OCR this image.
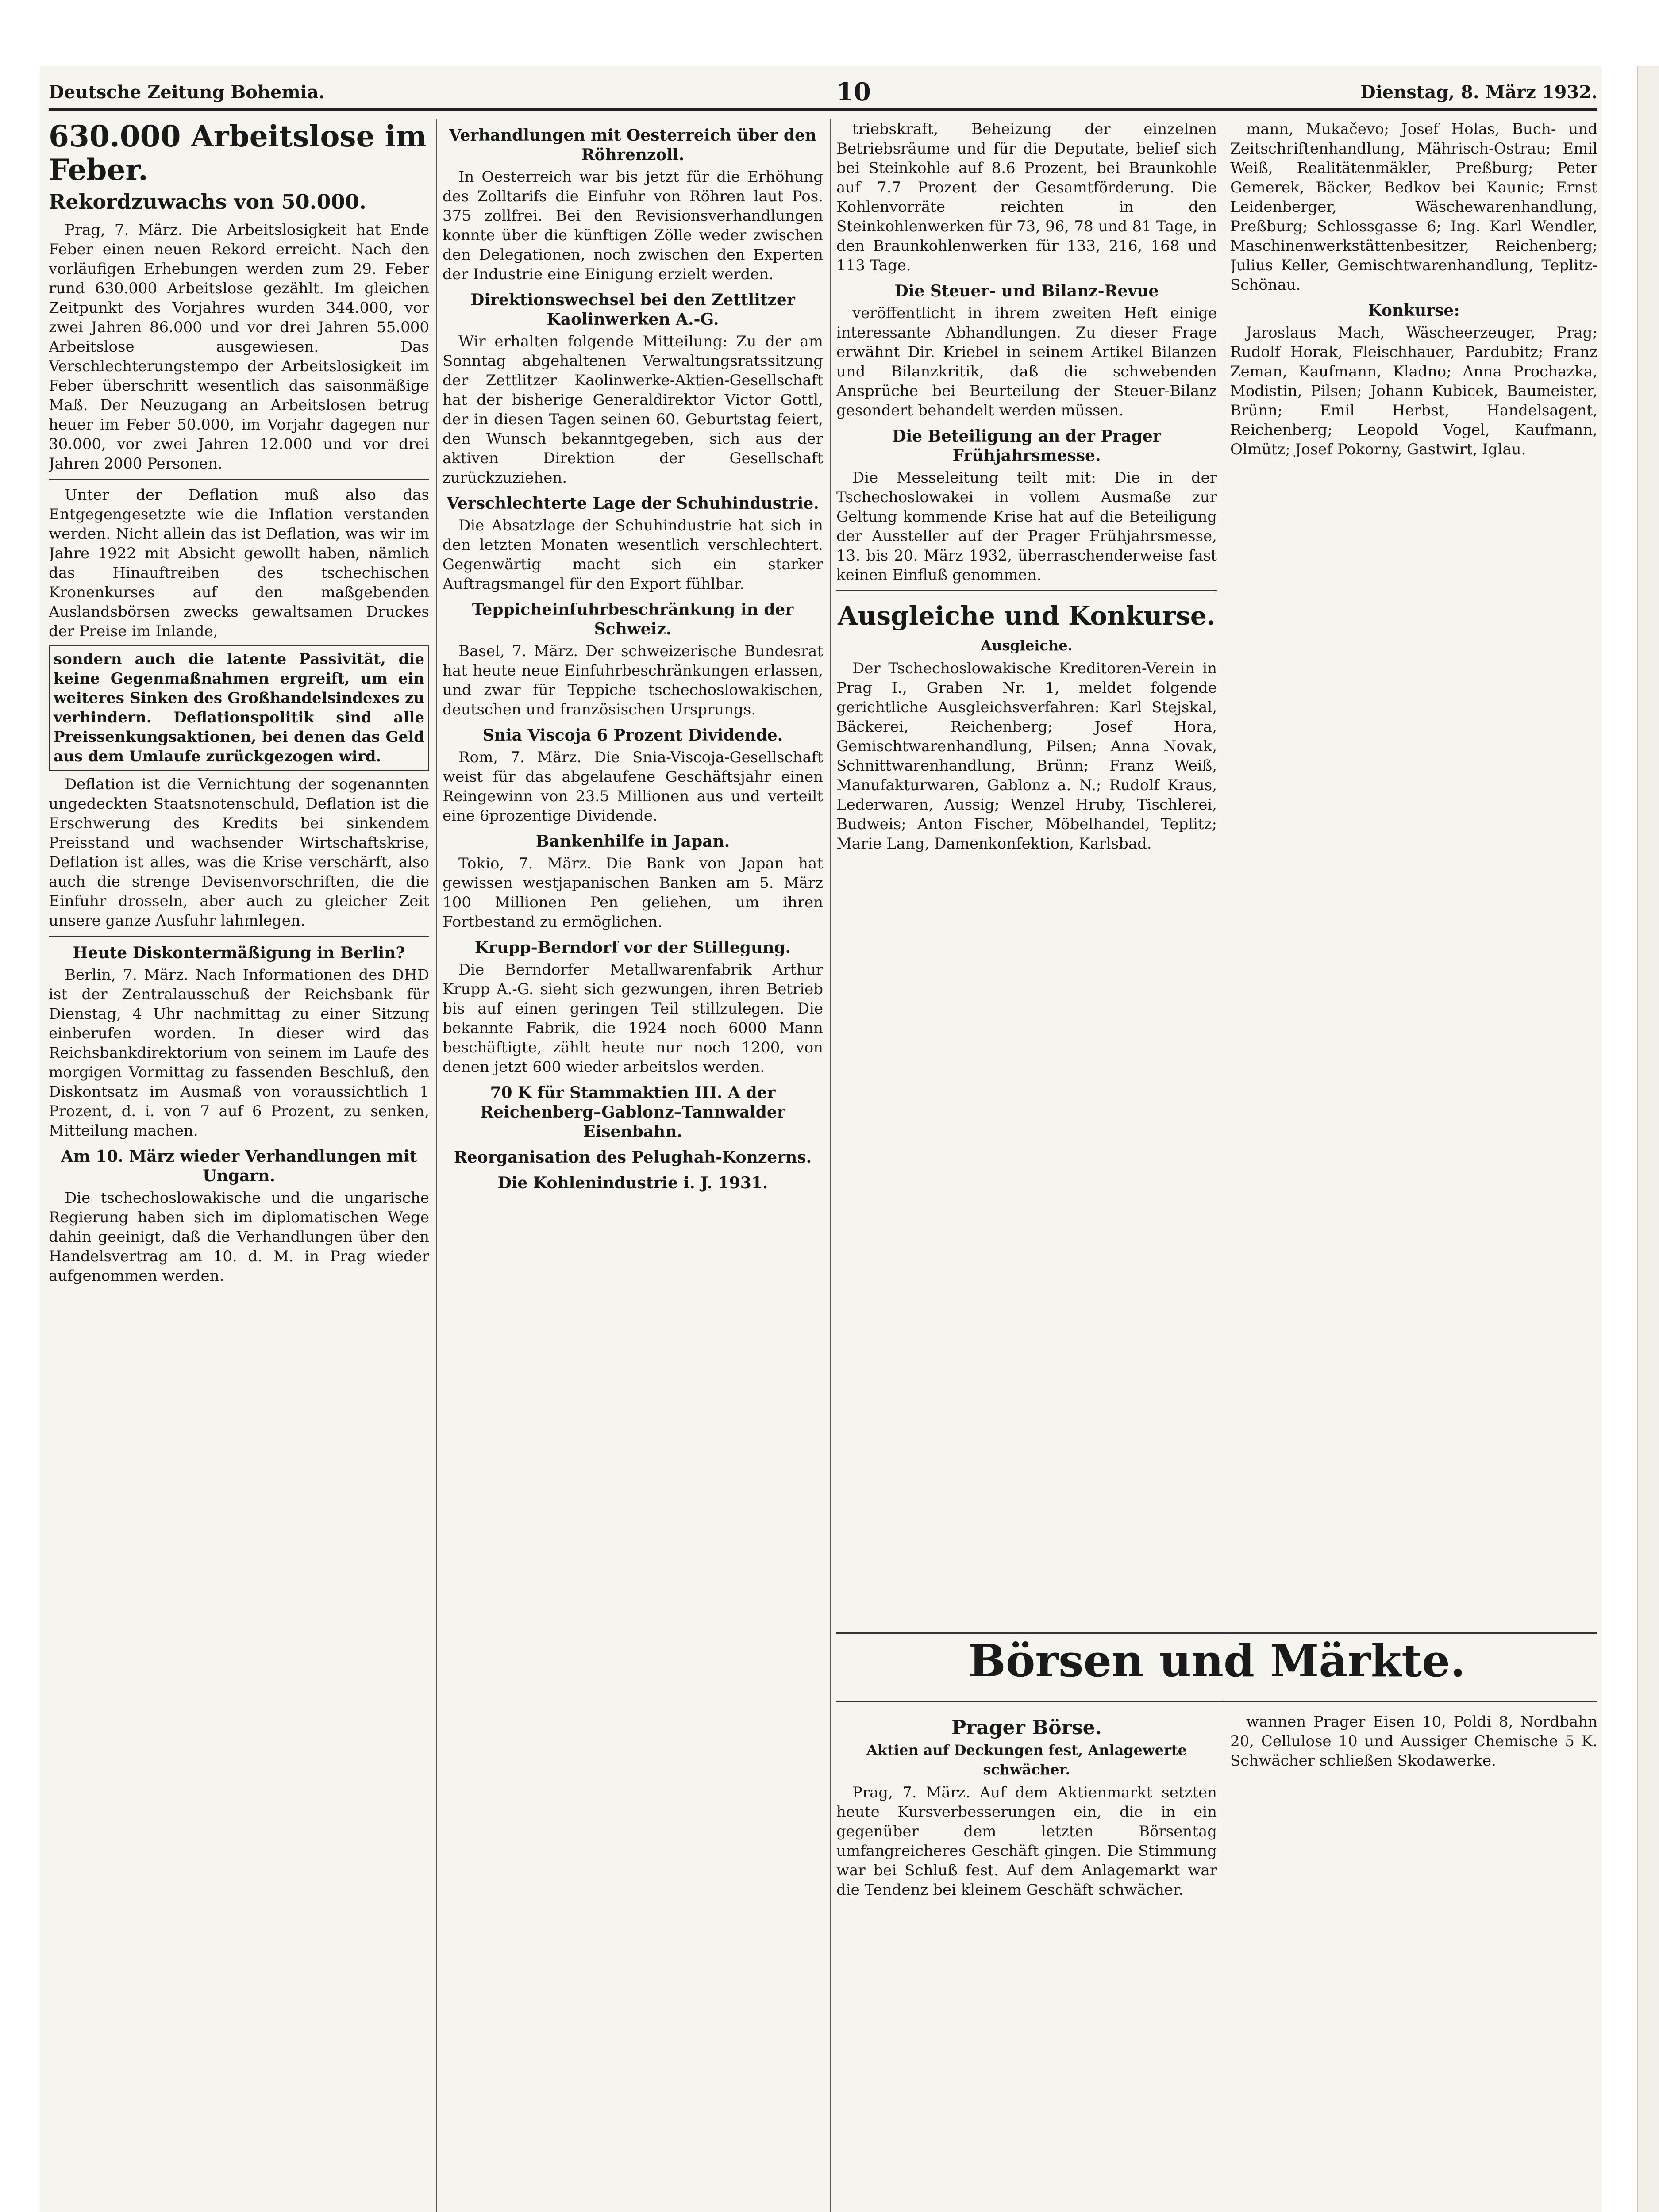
Deutsche Zeitung Bohemia.	10	Dienstag, 8. März 1932.
630.000 Arbeitslose im Feber.
Rekordzuwachs von 50.000.

Prag, 7. März. Die Arbeitslosigkeit hat Ende Feber einen neuen Rekord erreicht. Nach den vorläufigen Erhebungen werden zum 29. Feber rund 630.000 Arbeitslose gezählt. Im gleichen Zeitpunkt des Vorjahres wurden 344.000, vor zwei Jahren 86.000 und vor drei Jahren 55.000 Arbeitslose ausgewiesen. Das Verschlechterungstempo der Arbeitslosigkeit im Feber überschritt wesentlich das saisonmäßige Maß. Der Neuzugang an Arbeitslosen betrug heuer im Feber 50.000, im Vorjahr dagegen nur 30.000, vor zwei Jahren 12.000 und vor drei Jahren 2000 Personen.

Unter der Deflation muß also das Entgegengesetzte wie die Inflation verstanden werden. Nicht allein das ist Deflation, was wir im Jahre 1922 mit Absicht gewollt haben, nämlich das Hinauftreiben des tschechischen Kronenkurses auf den maßgebenden Auslandsbörsen zwecks gewaltsamen Druckes der Preise im Inlande,

sondern auch die latente Passivität, die keine Gegenmaßnahmen ergreift, um ein weiteres Sinken des Großhandelsindexes zu verhindern. Deflationspolitik sind alle Preissenkungsaktionen, bei denen das Geld aus dem Umlaufe zurückgezogen wird.

Deflation ist die Vernichtung der sogenannten ungedeckten Staatsnotenschuld, Deflation ist die Erschwerung des Kredits bei sinkendem Preisstand und wachsender Wirtschaftskrise, Deflation ist alles, was die Krise verschärft, also auch die strenge Devisenvorschriften, die die Einfuhr drosseln, aber auch zu gleicher Zeit unsere ganze Ausfuhr lahmlegen.

Heute Diskontermäßigung in Berlin?

Berlin, 7. März. Nach Informationen des DHD ist der Zentralausschuß der Reichsbank für Dienstag, 4 Uhr nachmittag zu einer Sitzung einberufen worden. In dieser wird das Reichsbankdirektorium von seinem im Laufe des morgigen Vormittag zu fassenden Beschluß, den Diskontsatz im Ausmaß von voraussichtlich 1 Prozent, d. i. von 7 auf 6 Prozent, zu senken, Mitteilung machen.

Am 10. März wieder Verhandlungen mit Ungarn.

Die tschechoslowakische und die ungarische Regierung haben sich im diplomatischen Wege dahin geeinigt, daß die Verhandlungen über den Handelsvertrag am 10. d. M. in Prag wieder aufgenommen werden.

Verhandlungen mit Oesterreich über den Röhrenzoll.

In Oesterreich war bis jetzt für die Erhöhung des Zolltarifs die Einfuhr von Röhren laut Pos. 375 zollfrei. Bei den Revisionsverhandlungen konnte über die künftigen Zölle weder zwischen den Delegationen, noch zwischen den Experten der Industrie eine Einigung erzielt werden.

Direktionswechsel bei den Zettlitzer Kaolinwerken A.-G.

Wir erhalten folgende Mitteilung: Zu der am Sonntag abgehaltenen Verwaltungsratssitzung der Zettlitzer Kaolinwerke-Aktien-Gesellschaft hat der bisherige Generaldirektor Victor Gottl, der in diesen Tagen seinen 60. Geburtstag feiert, den Wunsch bekanntgegeben, sich aus der aktiven Direktion der Gesellschaft zurückzuziehen.

Verschlechterte Lage der Schuhindustrie.

Die Absatzlage der Schuhindustrie hat sich in den letzten Monaten wesentlich verschlechtert. Gegenwärtig macht sich ein starker Auftragsmangel für den Export fühlbar.

Teppicheinfuhrbeschränkung in der Schweiz.

Basel, 7. März. Der schweizerische Bundesrat hat heute neue Einfuhrbeschränkungen erlassen, und zwar für Teppiche tschechoslowakischen, deutschen und französischen Ursprungs.

Snia Viscoja 6 Prozent Dividende.

Rom, 7. März. Die Snia-Viscoja-Gesellschaft weist für das abgelaufene Geschäftsjahr einen Reingewinn von 23.5 Millionen aus und verteilt eine 6prozentige Dividende.

Bankenhilfe in Japan.

Tokio, 7. März. Die Bank von Japan hat gewissen westjapanischen Banken am 5. März 100 Millionen Pen geliehen, um ihren Fortbestand zu ermöglichen.

Krupp-Berndorf vor der Stillegung.

Die Berndorfer Metallwarenfabrik Arthur Krupp A.-G. sieht sich gezwungen, ihren Betrieb bis auf einen geringen Teil stillzulegen. Die bekannte Fabrik, die 1924 noch 6000 Mann beschäftigte, zählt heute nur noch 1200, von denen jetzt 600 wieder arbeitslos werden.

70 K für Stammaktien III. A der Reichenberg–Gablonz–Tannwalder Eisenbahn.
Reorganisation des Pelughah-Konzerns.
Die Kohlenindustrie i. J. 1931.

triebskraft, Beheizung der einzelnen Betriebsräume und für die Deputate, belief sich bei Steinkohle auf 8.6 Prozent, bei Braunkohle auf 7.7 Prozent der Gesamtförderung. Die Kohlenvorräte reichten in den Steinkohlenwerken für 73, 96, 78 und 81 Tage, in den Braunkohlenwerken für 133, 216, 168 und 113 Tage.

Die Steuer- und Bilanz-Revue

veröffentlicht in ihrem zweiten Heft einige interessante Abhandlungen. Zu dieser Frage erwähnt Dir. Kriebel in seinem Artikel Bilanzen und Bilanzkritik, daß die schwebenden Ansprüche bei Beurteilung der Steuer-Bilanz gesondert behandelt werden müssen.

Die Beteiligung an der Prager Frühjahrsmesse.

Die Messeleitung teilt mit: Die in der Tschechoslowakei in vollem Ausmaße zur Geltung kommende Krise hat auf die Beteiligung der Aussteller auf der Prager Frühjahrsmesse, 13. bis 20. März 1932, überraschenderweise fast keinen Einfluß genommen.

Ausgleiche und Konkurse.
Ausgleiche.

Der Tschechoslowakische Kreditoren-Verein in Prag I., Graben Nr. 1, meldet folgende gerichtliche Ausgleichsverfahren: Karl Stejskal, Bäckerei, Reichenberg; Josef Hora, Gemischtwarenhandlung, Pilsen; Anna Novak, Schnittwarenhandlung, Brünn; Franz Weiß, Manufakturwaren, Gablonz a. N.; Rudolf Kraus, Lederwaren, Aussig; Wenzel Hruby, Tischlerei, Budweis; Anton Fischer, Möbelhandel, Teplitz; Marie Lang, Damenkonfektion, Karlsbad.

mann, Mukačevo; Josef Holas, Buch- und Zeitschriftenhandlung, Mährisch-Ostrau; Emil Weiß, Realitätenmäkler, Preßburg; Peter Gemerek, Bäcker, Bedkov bei Kaunic; Ernst Leidenberger, Wäschewarenhandlung, Preßburg; Schlossgasse 6; Ing. Karl Wendler, Maschinenwerkstättenbesitzer, Reichenberg; Julius Keller, Gemischtwarenhandlung, Teplitz-Schönau.

Konkurse:

Jaroslaus Mach, Wäscheerzeuger, Prag; Rudolf Horak, Fleischhauer, Pardubitz; Franz Zeman, Kaufmann, Kladno; Anna Prochazka, Modistin, Pilsen; Johann Kubicek, Baumeister, Brünn; Emil Herbst, Handelsagent, Reichenberg; Leopold Vogel, Kaufmann, Olmütz; Josef Pokorny, Gastwirt, Iglau.

Börsen und Märkte.
Prager Börse.
Aktien auf Deckungen fest, Anlagewerte schwächer.

Prag, 7. März. Auf dem Aktienmarkt setzten heute Kursverbesserungen ein, die in ein gegenüber dem letzten Börsentag umfangreicheres Geschäft gingen. Die Stimmung war bei Schluß fest. Auf dem Anlagemarkt war die Tendenz bei kleinem Geschäft schwächer.

wannen Prager Eisen 10, Poldi 8, Nordbahn 20, Cellulose 10 und Aussiger Chemische 5 K. Schwächer schließen Skodawerke.
